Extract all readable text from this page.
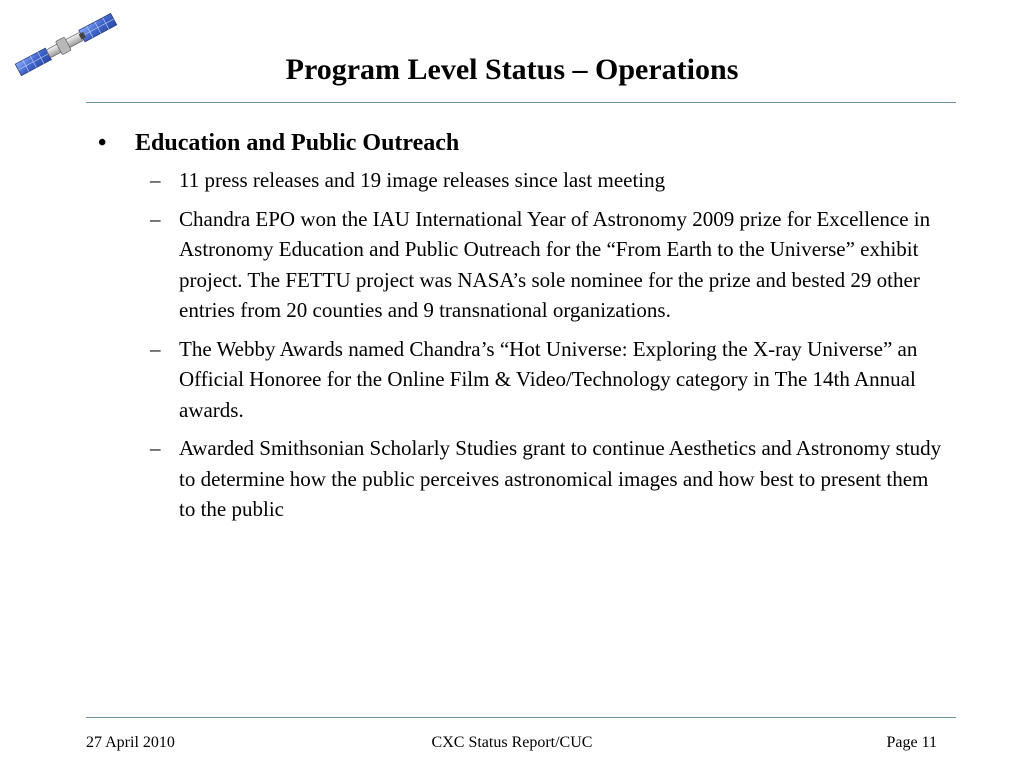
Program Level Status – Operations
• Education and Public Outreach
– 11 press releases and 19 image releases since last meeting
– Chandra EPO won the IAU International Year of Astronomy 2009 prize for Excellence in Astronomy Education and Public Outreach for the “From Earth to the Universe” exhibit project. The FETTU project was NASA’s sole nominee for the prize and bested 29 other entries from 20 counties and 9 transnational organizations.
– The Webby Awards named Chandra’s “Hot Universe: Exploring the X-ray Universe” an Official Honoree for the Online Film & Video/Technology category in The 14th Annual awards.
– Awarded Smithsonian Scholarly Studies grant to continue Aesthetics and Astronomy study to determine how the public perceives astronomical images and how best to present them to the public
27 April 2010	CXC Status Report/CUC	Page 11
